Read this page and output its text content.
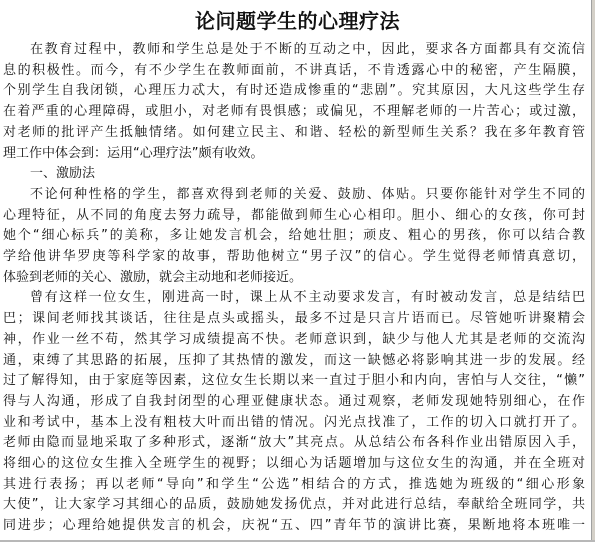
论问题学生的心理疗法
在教育过程中，教师和学生总是处于不断的互动之中，因此，要求各方面都具有交流信
息的积极性。而今，有不少学生在教师面前，不讲真话，不肯透露心中的秘密，产生隔膜，
个别学生自我闭锁，心理压力忒大，有时还造成惨重的“悲剧”。究其原因，大凡这些学生存
在着严重的心理障碍，或胆小，对老师有畏惧感；或偏见，不理解老师的一片苦心；或过激，
对老师的批评产生抵触情绪。如何建立民主、和谐、轻松的新型师生关系？我在多年教育管
理工作中体会到：运用“心理疗法”颇有收效。
一、激励法
不论何种性格的学生，都喜欢得到老师的关爱、鼓励、体贴。只要你能针对学生不同的
心理特征，从不同的角度去努力疏导，都能做到师生心心相印。胆小、细心的女孩，你可封
她个“细心标兵”的美称，多让她发言机会，给她壮胆；顽皮、粗心的男孩，你可以结合教
学给他讲华罗庚等科学家的故事，帮助他树立“男子汉”的信心。学生觉得老师情真意切，
体验到老师的关心、激励，就会主动地和老师接近。
曾有这样一位女生，刚进高一时，课上从不主动要求发言，有时被动发言，总是结结巴
巴；课间老师找其谈话，往往是点头或摇头，最多不过是只言片语而已。尽管她听讲聚精会
神，作业一丝不苟，然其学习成绩提高不快。老师意识到，缺少与他人尤其是老师的交流沟
通，束缚了其思路的拓展，压抑了其热情的激发，而这一缺憾必将影响其进一步的发展。经
过了解得知，由于家庭等因素，这位女生长期以来一直过于胆小和内向，害怕与人交往，“懒”
得与人沟通，形成了自我封闭型的心理亚健康状态。通过观察，老师发现她特别细心，在作
业和考试中，基本上没有粗枝大叶而出错的情况。闪光点找准了，工作的切入口就打开了。
老师由隐而显地采取了多种形式，逐渐“放大”其亮点。从总结公布各科作业出错原因入手，
将细心的这位女生推入全班学生的视野；以细心为话题增加与这位女生的沟通，并在全班对
其进行表扬；再以老师“导向”和学生“公选”相结合的方式，推选她为班级的“细心形象
大使”，让大家学习其细心的品质，鼓励她发扬优点，并对此进行总结，奉献给全班同学，共
同进步；心理给她提供发言的机会，庆祝“五、四”青年节的演讲比赛，果断地将本班唯一
